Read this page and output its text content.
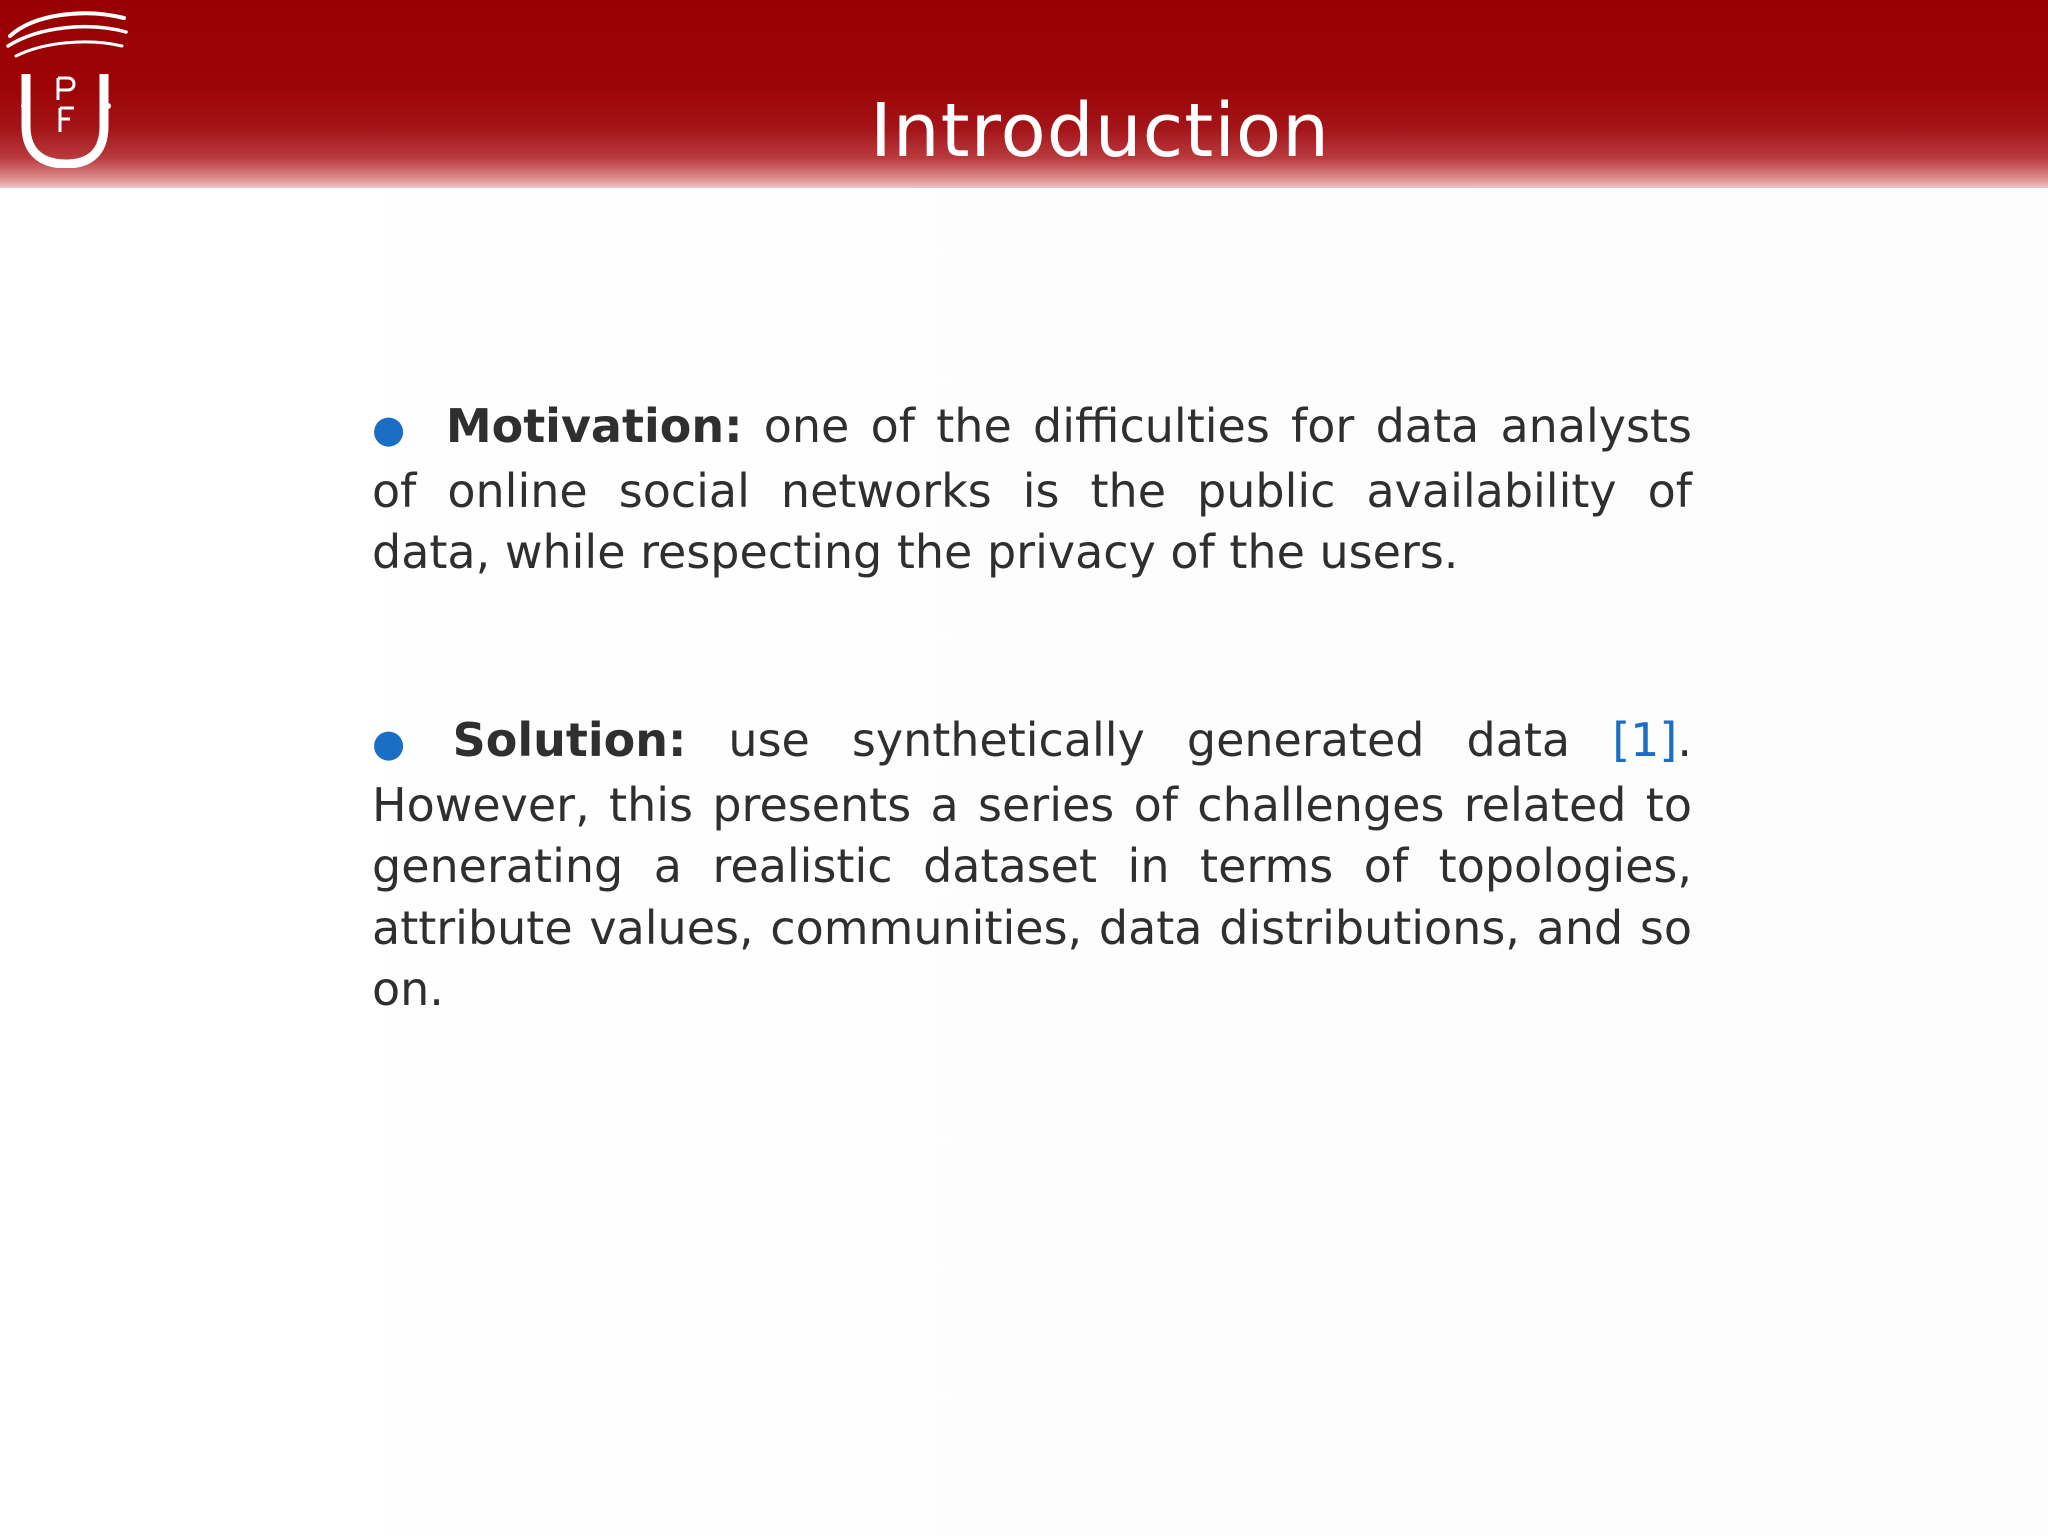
Introduction
● Motivation: one of the difficulties for data analysts of online social networks is the public availability of data, while respecting the privacy of the users.
● Solution: use synthetically generated data [1]. However, this presents a series of challenges related to generating a realistic dataset in terms of topologies, attribute values, communities, data distributions, and so on.
